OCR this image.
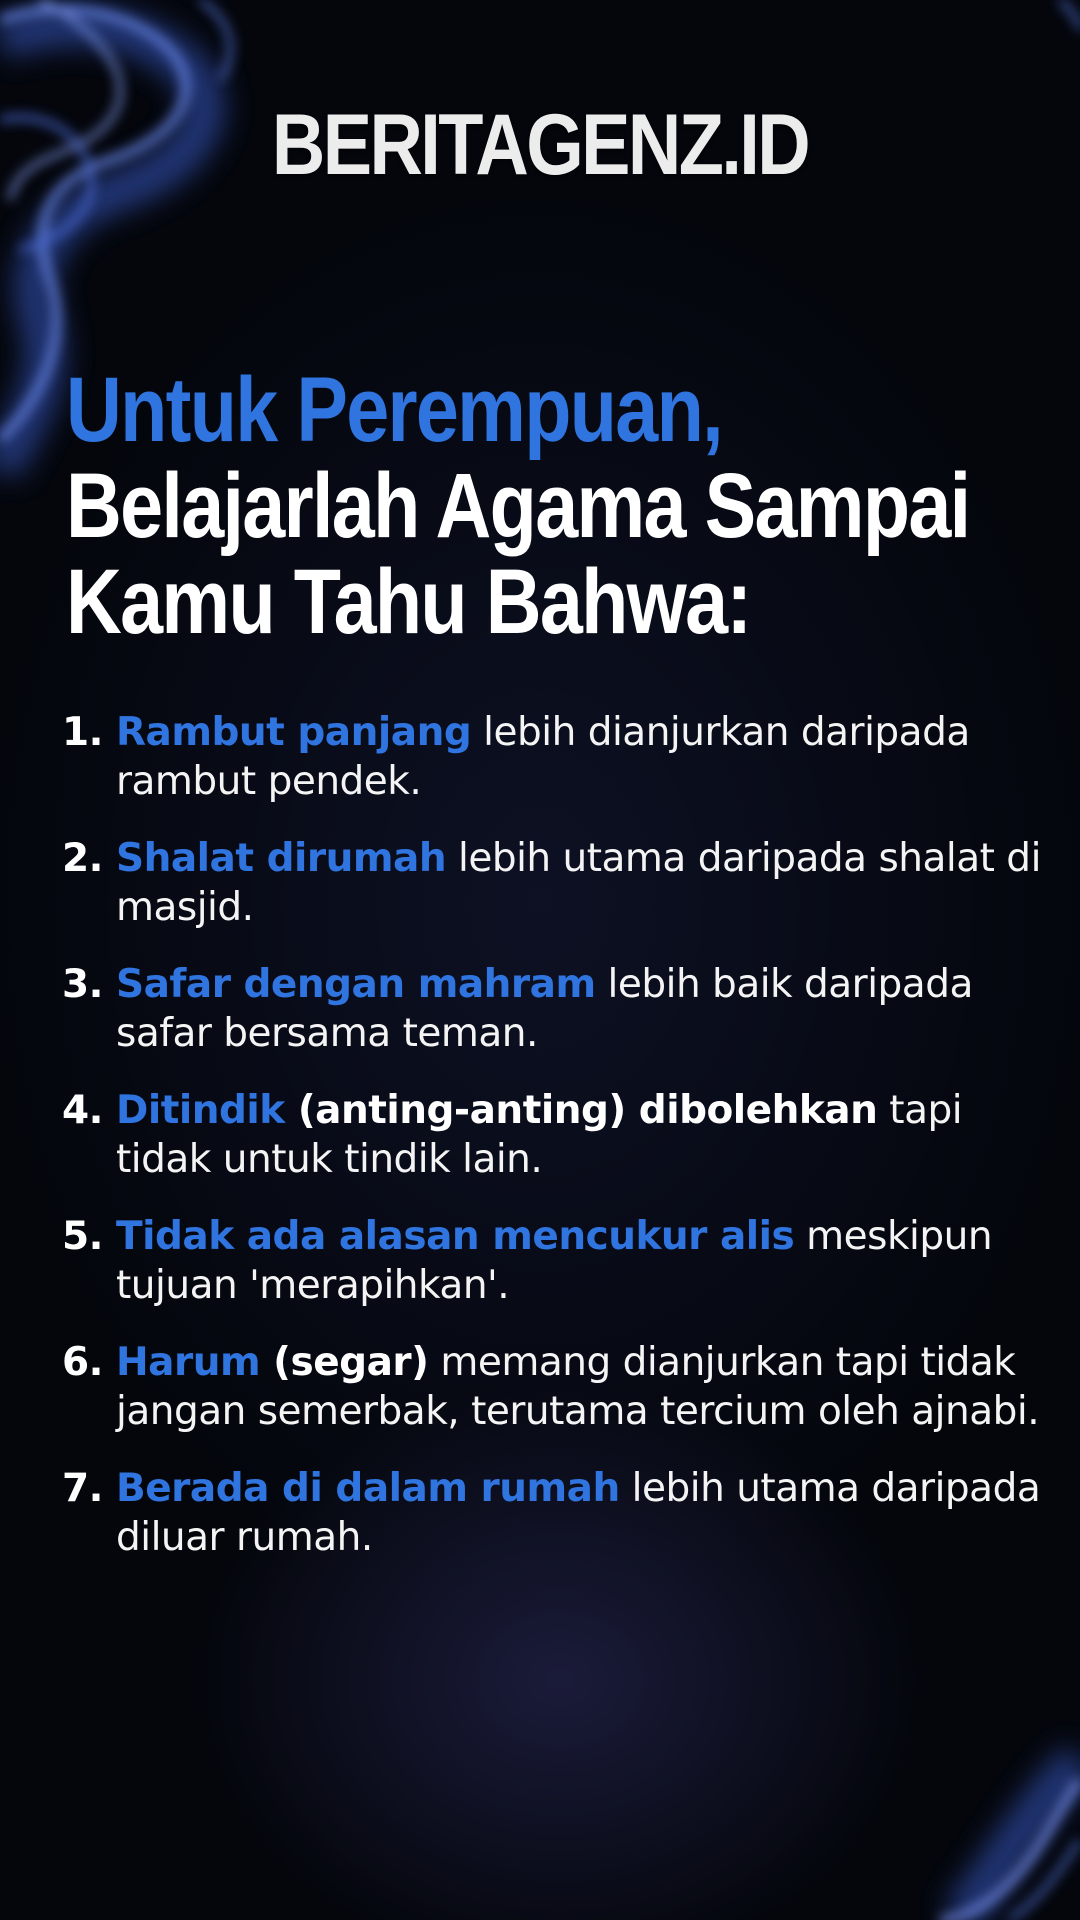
BERITAGENZ.ID
Untuk Perempuan,
Belajarlah Agama Sampai
Kamu Tahu Bahwa:
1. Rambut panjang lebih dianjurkan daripada rambut pendek.
2. Shalat dirumah lebih utama daripada shalat di masjid.
3. Safar dengan mahram lebih baik daripada safar bersama teman.
4. Ditindik (anting-anting) dibolehkan tapi tidak untuk tindik lain.
5. Tidak ada alasan mencukur alis meskipun tujuan 'merapihkan'.
6. Harum (segar) memang dianjurkan tapi tidak jangan semerbak, terutama tercium oleh ajnabi.
7. Berada di dalam rumah lebih utama daripada diluar rumah.
